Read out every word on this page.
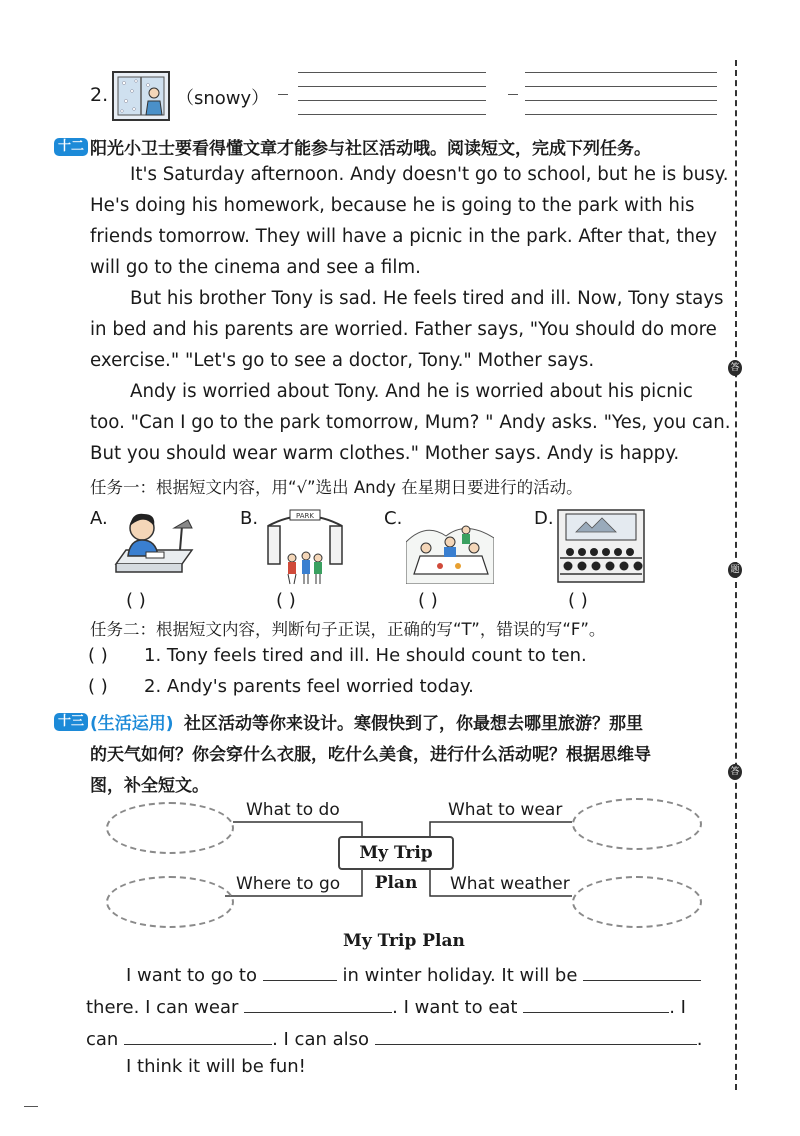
2.	（snowy）
十二 阳光小卫士要看得懂文章才能参与社区活动哦。阅读短文，完成下列任务。
It's Saturday afternoon. Andy doesn't go to school, but he is busy.
He's doing his homework, because he is going to the park with his
friends tomorrow. They will have a picnic in the park. After that, they
will go to the cinema and see a film.
But his brother Tony is sad. He feels tired and ill. Now, Tony stays
in bed and his parents are worried. Father says, "You should do more
exercise." "Let's go to see a doctor, Tony." Mother says.
Andy is worried about Tony. And he is worried about his picnic
too. "Can I go to the park tomorrow, Mum? " Andy asks. "Yes, you can.
But you should wear warm clothes." Mother says. Andy is happy.
任务一：根据短文内容，用“√”选出 Andy 在星期日要进行的活动。
A.
( )
B.	PARK
( )
C.
( )
D.
( )
任务二：根据短文内容，判断句子正误，正确的写“T”，错误的写“F”。
( ) 1. Tony feels tired and ill. He should count to ten.
( ) 2. Andy's parents feel worried today.
十三 (生活运用) 社区活动等你来设计。寒假快到了，你最想去哪里旅游？那里
的天气如何？你会穿什么衣服，吃什么美食，进行什么活动呢？根据思维导
图，补全短文。
What to do	What to wear
Where to go	What weather
My Trip Plan
My Trip Plan
I want to go to	in winter holiday. It will be
there. I can wear	. I want to eat	. I
can	. I can also	.
I think it will be fun!
答
题
答
